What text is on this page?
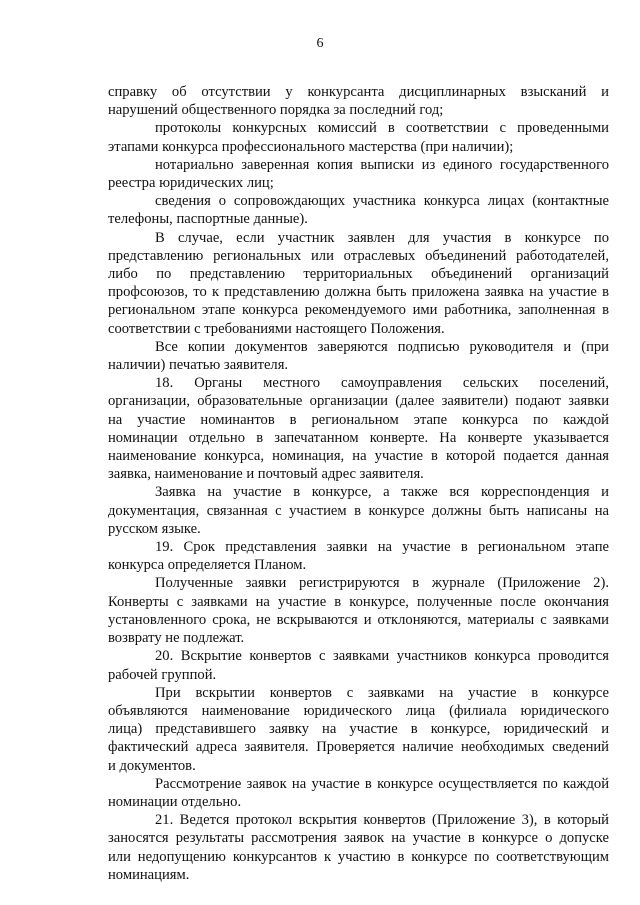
6
справку об отсутствии у конкурсанта дисциплинарных взысканий и
нарушений общественного порядка за последний год;
протоколы конкурсных комиссий в соответствии с проведенными
этапами конкурса профессионального мастерства (при наличии);
нотариально заверенная копия выписки из единого государственного
реестра юридических лиц;
сведения о сопровождающих участника конкурса лицах (контактные
телефоны, паспортные данные).
В случае, если участник заявлен для участия в конкурсе по
представлению региональных или отраслевых объединений работодателей,
либо по представлению территориальных объединений организаций
профсоюзов, то к представлению должна быть приложена заявка на участие в
региональном этапе конкурса рекомендуемого ими работника, заполненная в
соответствии с требованиями настоящего Положения.
Все копии документов заверяются подписью руководителя и (при
наличии) печатью заявителя.
18. Органы местного самоуправления сельских поселений,
организации, образовательные организации (далее заявители) подают заявки
на участие номинантов в региональном этапе конкурса по каждой
номинации отдельно в запечатанном конверте. На конверте указывается
наименование конкурса, номинация, на участие в которой подается данная
заявка, наименование и почтовый адрес заявителя.
Заявка на участие в конкурсе, а также вся корреспонденция и
документация, связанная с участием в конкурсе должны быть написаны на
русском языке.
19. Срок представления заявки на участие в региональном этапе
конкурса определяется Планом.
Полученные заявки регистрируются в журнале (Приложение 2).
Конверты с заявками на участие в конкурсе, полученные после окончания
установленного срока, не вскрываются и отклоняются, материалы с заявками
возврату не подлежат.
20. Вскрытие конвертов с заявками участников конкурса проводится
рабочей группой.
При вскрытии конвертов с заявками на участие в конкурсе
объявляются наименование юридического лица (филиала юридического
лица) представившего заявку на участие в конкурсе, юридический и
фактический адреса заявителя. Проверяется наличие необходимых сведений
и документов.
Рассмотрение заявок на участие в конкурсе осуществляется по каждой
номинации отдельно.
21. Ведется протокол вскрытия конвертов (Приложение 3), в который
заносятся результаты рассмотрения заявок на участие в конкурсе о допуске
или недопущению конкурсантов к участию в конкурсе по соответствующим
номинациям.
